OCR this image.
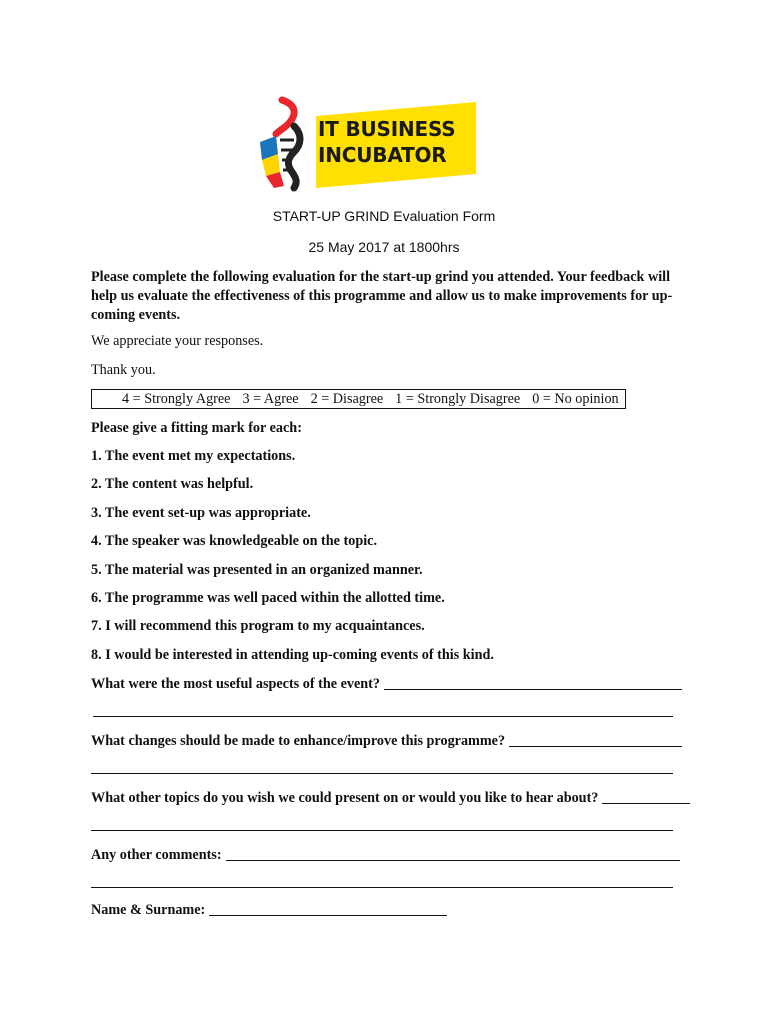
IT BUSINESS
INCUBATOR
START-UP GRIND Evaluation Form
25 May 2017 at 1800hrs

Please complete the following evaluation for the start-up grind you attended. Your feedback will help us evaluate the effectiveness of this programme and allow us to make improvements for up-coming events.

We appreciate your responses.

Thank you.

4 = Strongly Agree 3 = Agree 2 = Disagree 1 = Strongly Disagree 0 = No opinion

Please give a fitting mark for each:

1. The event met my expectations.

2. The content was helpful.

3. The event set-up was appropriate.

4. The speaker was knowledgeable on the topic.

5. The material was presented in an organized manner.

6. The programme was well paced within the allotted time.

7. I will recommend this program to my acquaintances.

8. I would be interested in attending up-coming events of this kind.

What were the most useful aspects of the event?
What changes should be made to enhance/improve this programme?
What other topics do you wish we could present on or would you like to hear about?
Any other comments:
Name & Surname:
